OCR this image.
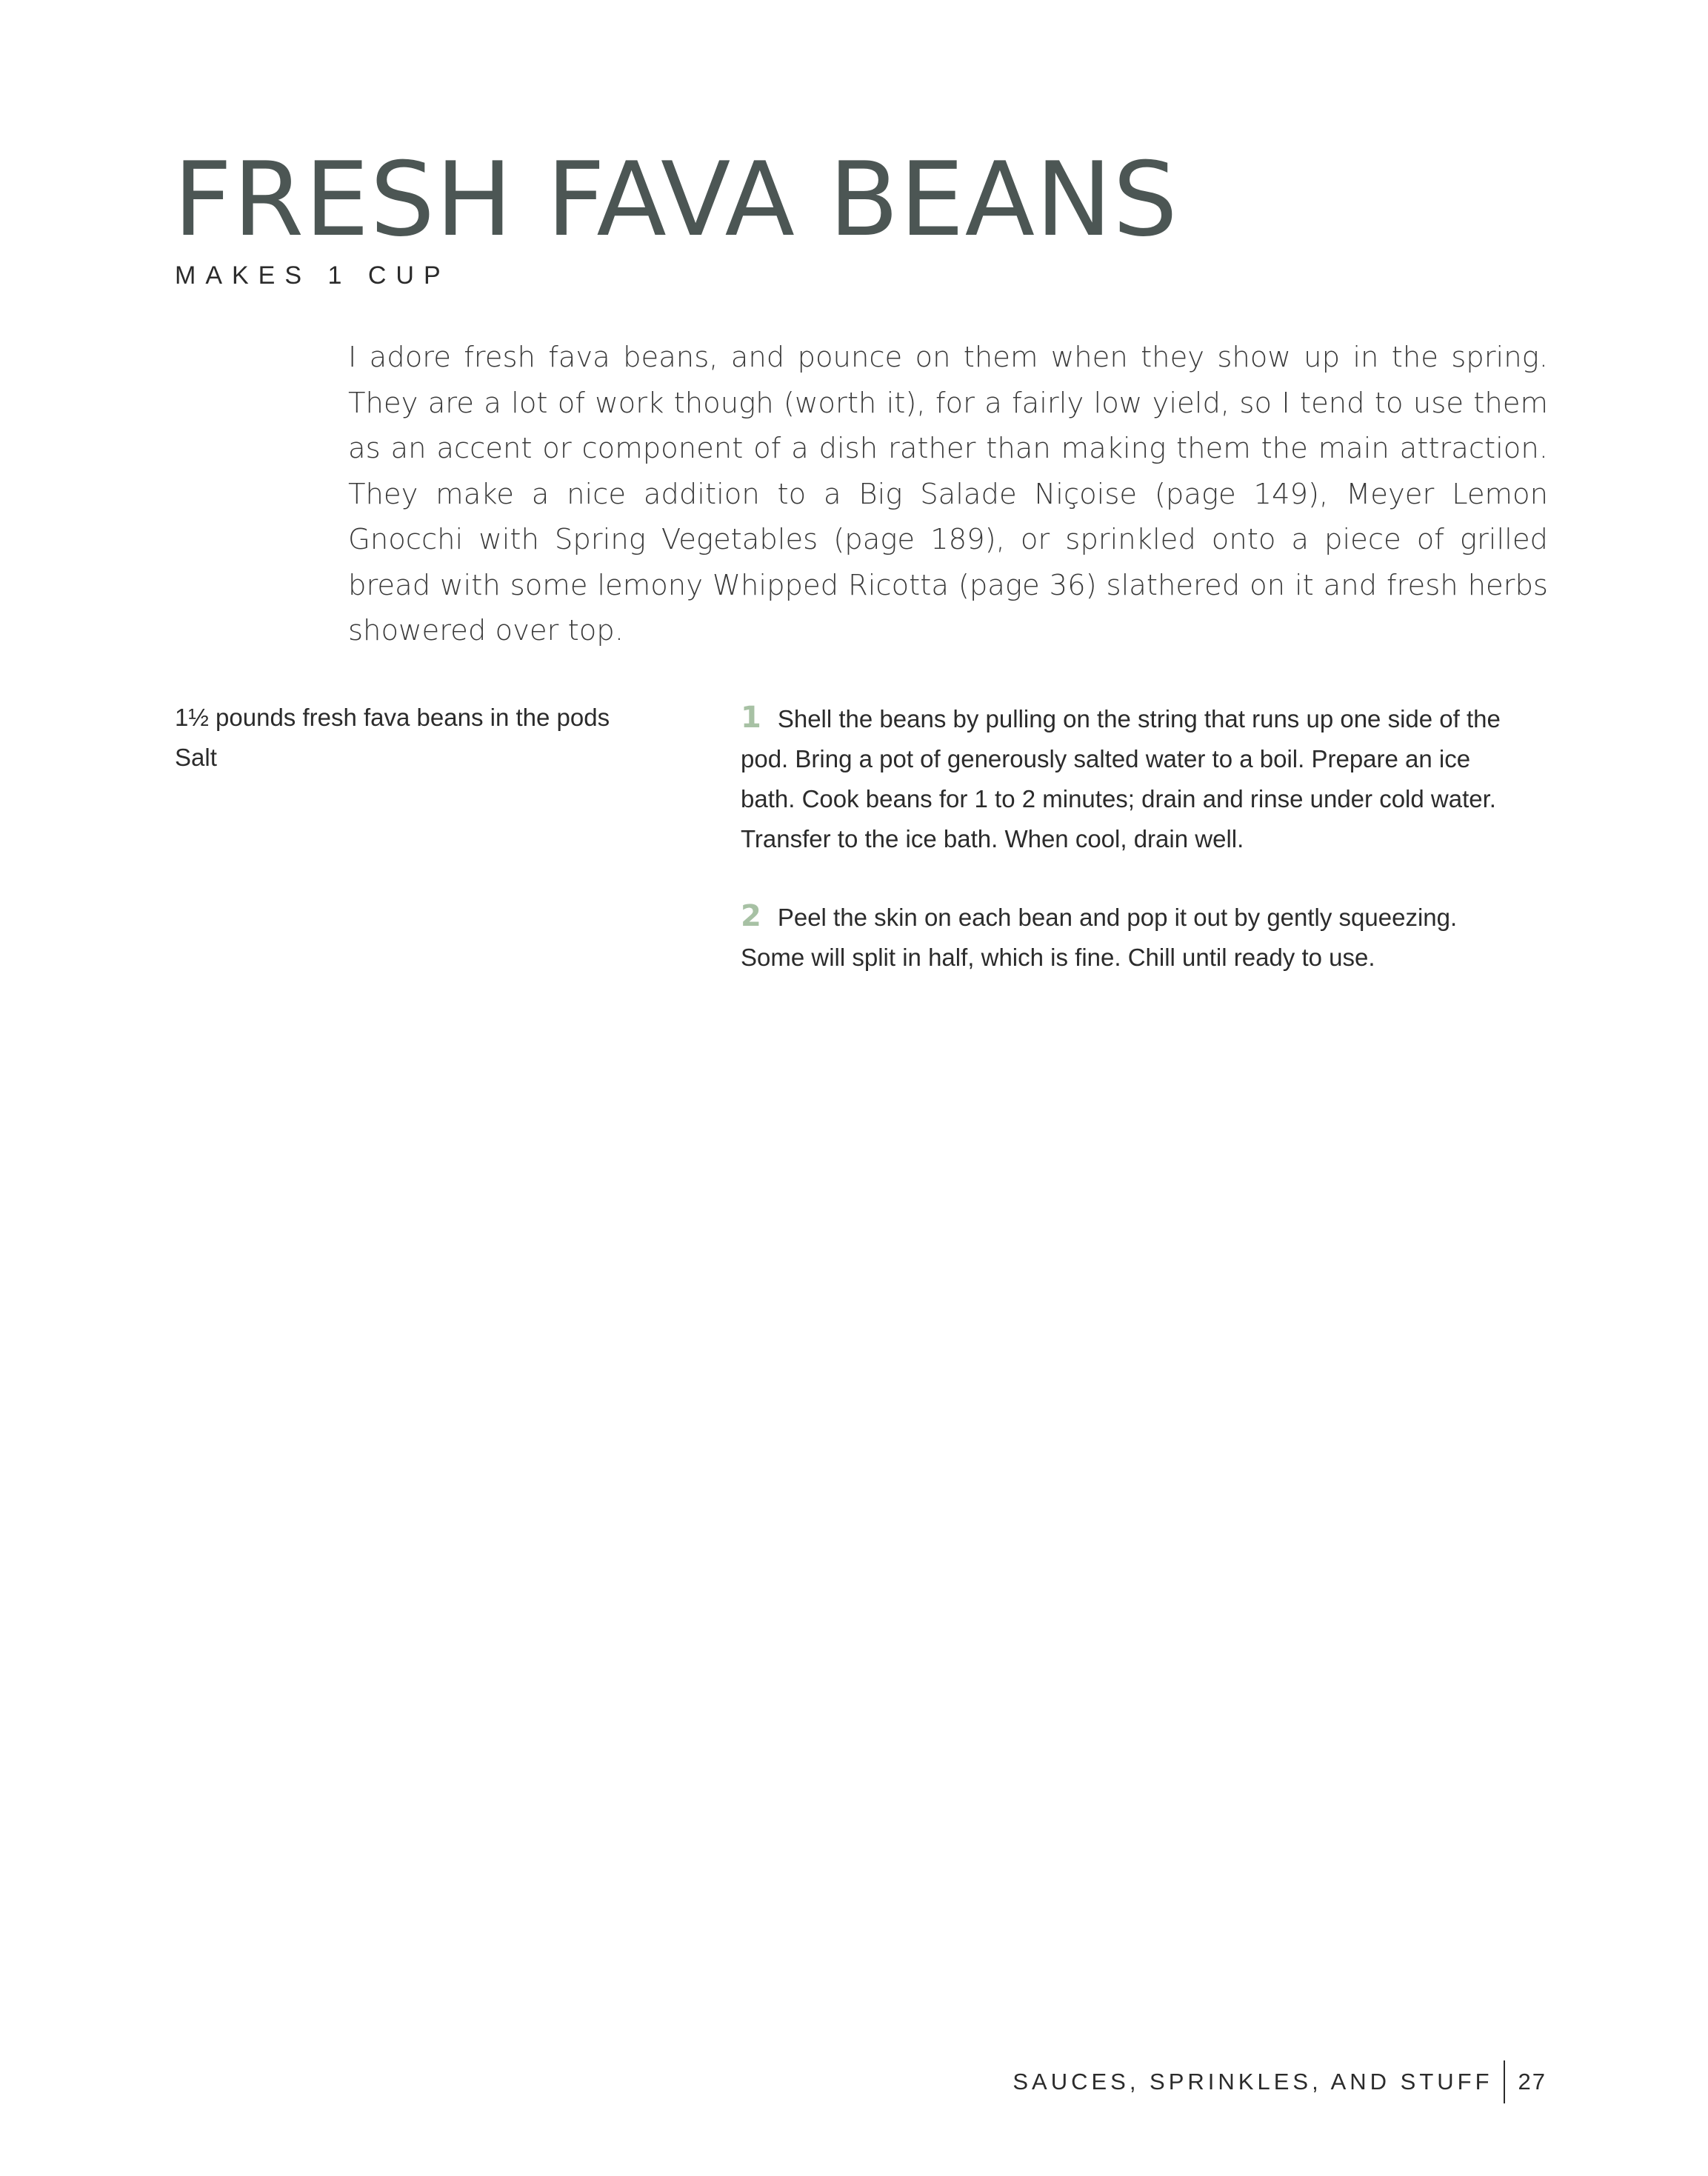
FRESH FAVA BEANS
MAKES 1 CUP

I adore fresh fava beans, and pounce on them when they show up in the spring. They are a lot of work though (worth it), for a fairly low yield, so I tend to use them as an accent or component of a dish rather than making them the main attraction. They make a nice addition to a Big Salade Niçoise (page 149), Meyer Lemon Gnocchi with Spring Vegetables (page 189), or sprinkled onto a piece of grilled bread with some lemony Whipped Ricotta (page 36) slathered on it and fresh herbs showered over top.

1½ pounds fresh fava beans in the pods
Salt
1 Shell the beans by pulling on the string that runs up one side of the pod. Bring a pot of generously salted water to a boil. Prepare an ice bath. Cook beans for 1 to 2 minutes; drain and rinse under cold water. Transfer to the ice bath. When cool, drain well.
2 Peel the skin on each bean and pop it out by gently squeezing. Some will split in half, which is fine. Chill until ready to use.
SAUCES, SPRINKLES, AND STUFF 27
